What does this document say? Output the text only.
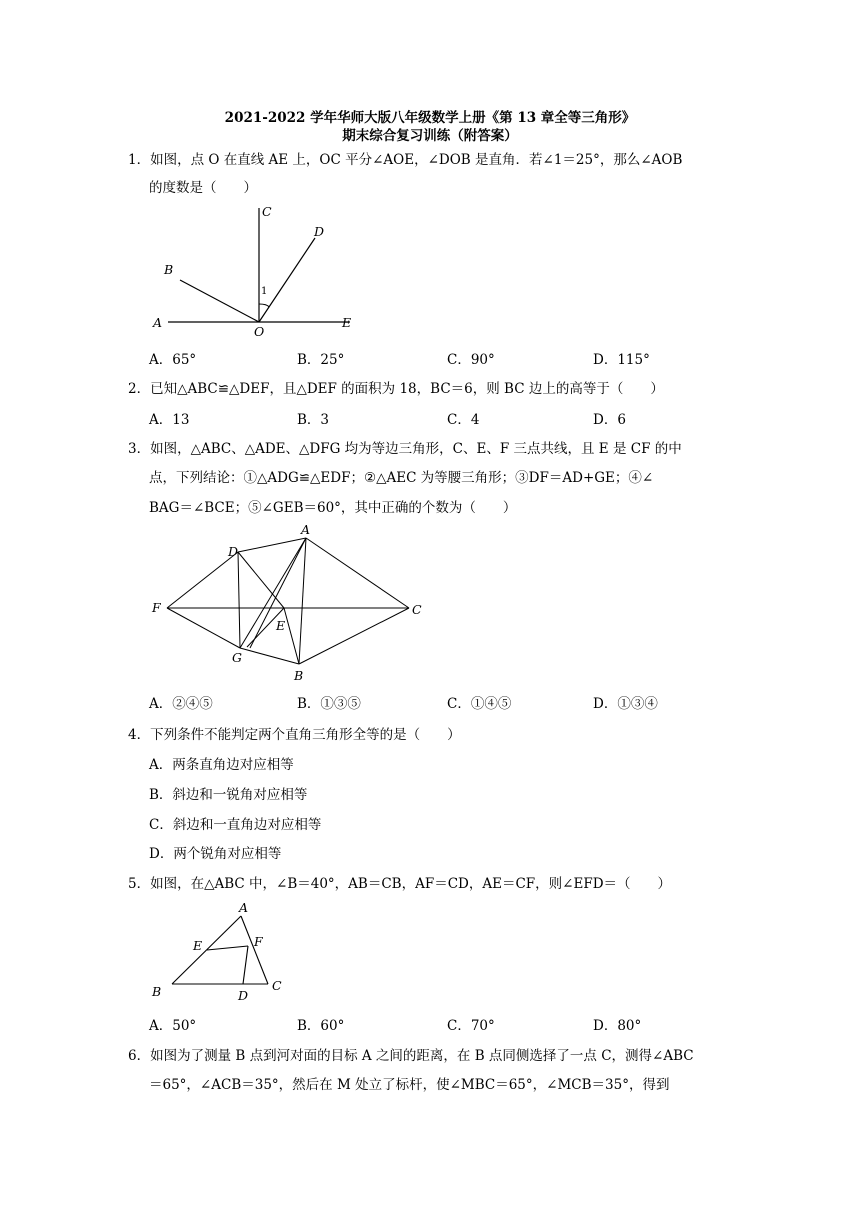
2021-2022 学年华师大版八年级数学上册《第 13 章全等三角形》
期末综合复习训练（附答案）
1．如图，点 O 在直线 AE 上，OC 平分∠AOE，∠DOB 是直角．若∠1＝25°，那么∠AOB
的度数是（　　）
C
D
B
A	E
O
1
A．65°	B．25°	C．90°	D．115°
2．已知△ABC≌△DEF，且△DEF 的面积为 18，BC＝6，则 BC 边上的高等于（　　）
A．13	B．3	C．4	D．6
3．如图，△ABC、△ADE、△DFG 均为等边三角形，C、E、F 三点共线，且 E 是 CF 的中
点，下列结论：①△ADG≌△EDF；②△AEC 为等腰三角形；③DF＝AD+GE；④∠
BAG＝∠BCE；⑤∠GEB＝60°，其中正确的个数为（　　）
A
D
F	C
E
G
B
A．②④⑤	B．①③⑤	C．①④⑤	D．①③④
4．下列条件不能判定两个直角三角形全等的是（　　）
A．两条直角边对应相等
B．斜边和一锐角对应相等
C．斜边和一直角边对应相等
D．两个锐角对应相等
5．如图，在△ABC 中，∠B＝40°，AB＝CB，AF＝CD，AE＝CF，则∠EFD＝（　　）
A
E	F
B	C
D
A．50°	B．60°	C．70°	D．80°
6．如图为了测量 B 点到河对面的目标 A 之间的距离，在 B 点同侧选择了一点 C，测得∠ABC
＝65°，∠ACB＝35°，然后在 M 处立了标杆，使∠MBC＝65°，∠MCB＝35°，得到
